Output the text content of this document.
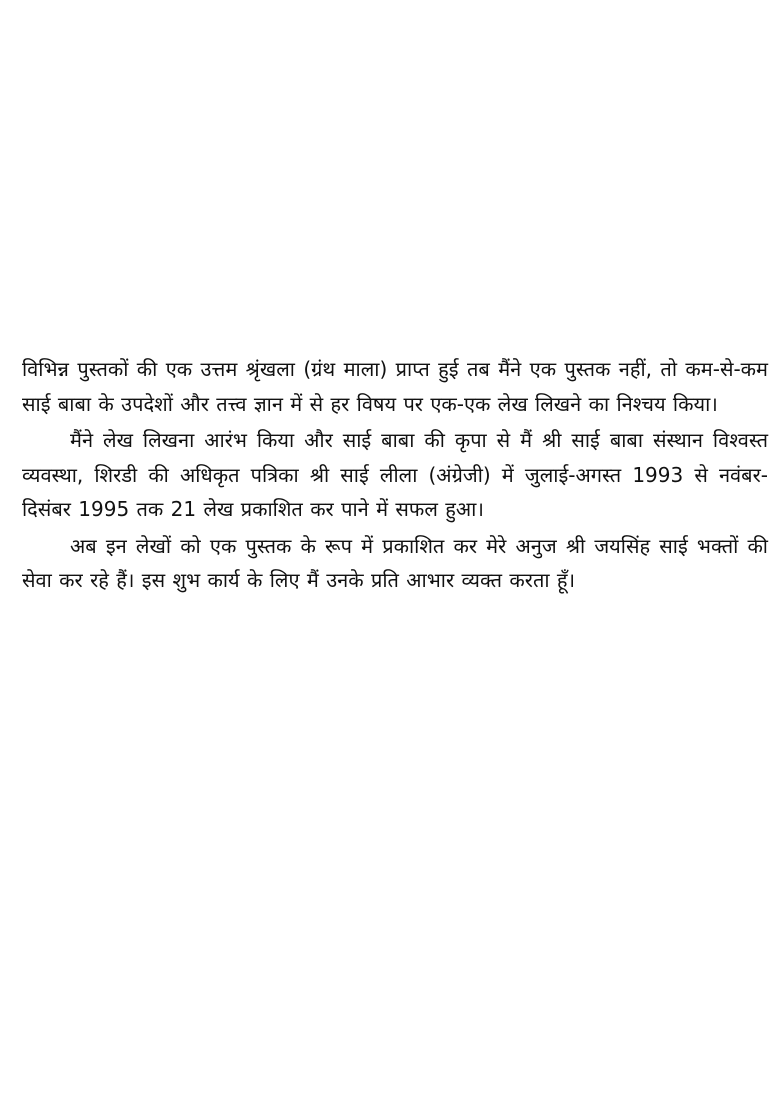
विभिन्न पुस्तकों की एक उत्तम श्रृंखला (ग्रंथ माला) प्राप्त हुई तब मैंने एक पुस्तक नहीं, तो कम-से-कम साई बाबा के उपदेशों और तत्त्व ज्ञान में से हर विषय पर एक-एक लेख लिखने का निश्चय किया।

मैंने लेख लिखना आरंभ किया और साई बाबा की कृपा से मैं श्री साई बाबा संस्थान विश्वस्त व्यवस्था, शिरडी की अधिकृत पत्रिका श्री साई लीला (अंग्रेजी) में जुलाई-अगस्त 1993 से नवंबर-दिसंबर 1995 तक 21 लेख प्रकाशित कर पाने में सफल हुआ।

अब इन लेखों को एक पुस्तक के रूप में प्रकाशित कर मेरे अनुज श्री जयसिंह साई भक्तों की सेवा कर रहे हैं। इस शुभ कार्य के लिए मैं उनके प्रति आभार व्यक्त करता हूँ।
